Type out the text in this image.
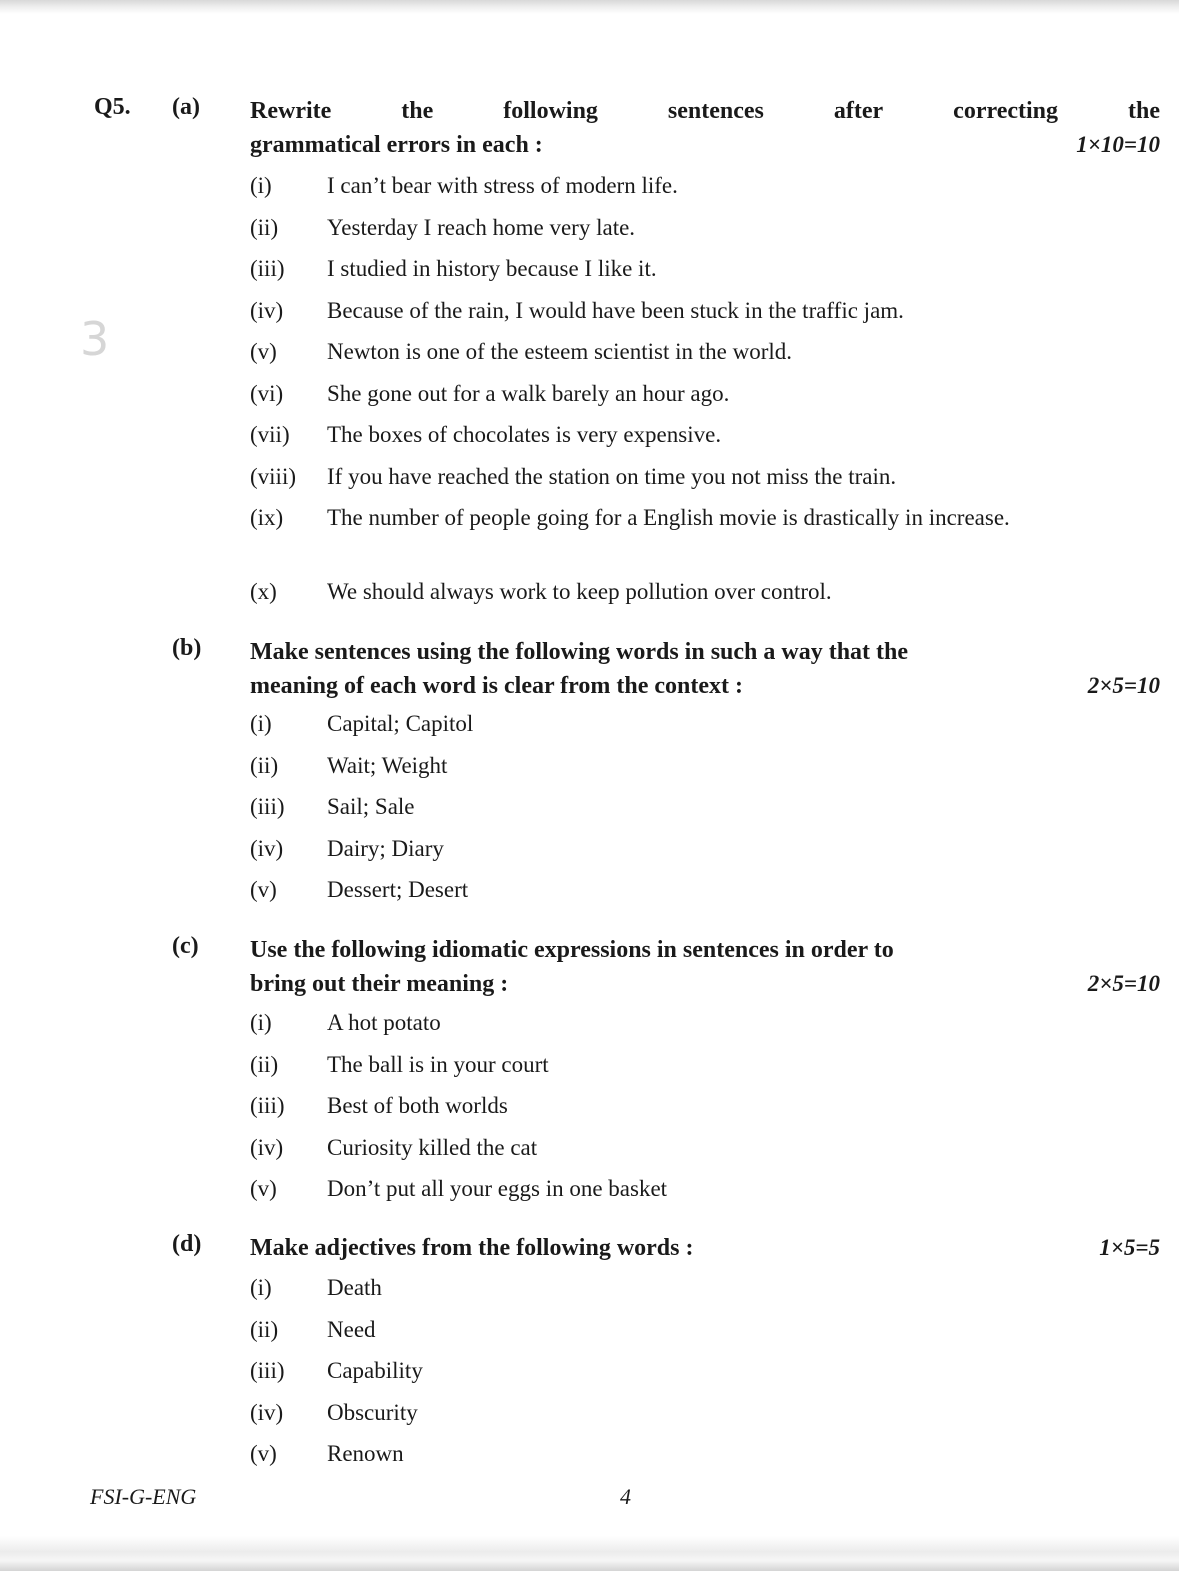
3
Q5. (a) Rewrite	the	following	sentences	after	correcting	the
grammatical errors in each :	1×10=10
(i) I can’t bear with stress of modern life.
(ii) Yesterday I reach home very late.
(iii) I studied in history because I like it.
(iv) Because of the rain, I would have been stuck in the traffic jam.
(v) Newton is one of the esteem scientist in the world.
(vi) She gone out for a walk barely an hour ago.
(vii) The boxes of chocolates is very expensive.
(viii) If you have reached the station on time you not miss the train.
(ix) The number of people going for a English movie is drastically in increase.
(x) We should always work to keep pollution over control.
(b) Make sentences using the following words in such a way that the
meaning of each word is clear from the context :	2×5=10
(i) Capital; Capitol
(ii) Wait; Weight
(iii) Sail; Sale
(iv) Dairy; Diary
(v) Dessert; Desert
(c) Use the following idiomatic expressions in sentences in order to
bring out their meaning :	2×5=10
(i) A hot potato
(ii) The ball is in your court
(iii) Best of both worlds
(iv) Curiosity killed the cat
(v) Don’t put all your eggs in one basket
(d) Make adjectives from the following words :	1×5=5
(i) Death
(ii) Need
(iii) Capability
(iv) Obscurity
(v) Renown
FSI-G-ENG	4
